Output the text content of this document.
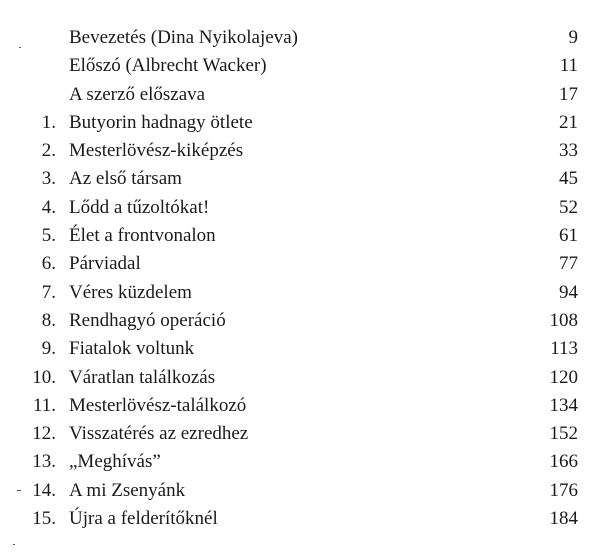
Bevezetés (Dina Nyikolajeva)	9
Előszó (Albrecht Wacker)	11
A szerző előszava	17
1. Butyorin hadnagy ötlete	21
2. Mesterlövész-kiképzés	33
3. Az első társam	45
4. Lődd a tűzoltókat!	52
5. Élet a frontvonalon	61
6. Párviadal	77
7. Véres küzdelem	94
8. Rendhagyó operáció	108
9. Fiatalok voltunk	113
10. Váratlan találkozás	120
11. Mesterlövész-találkozó	134
12. Visszatérés az ezredhez	152
13. „Meghívás”	166
14. A mi Zsenyánk	176
15. Újra a felderítőknél	184
